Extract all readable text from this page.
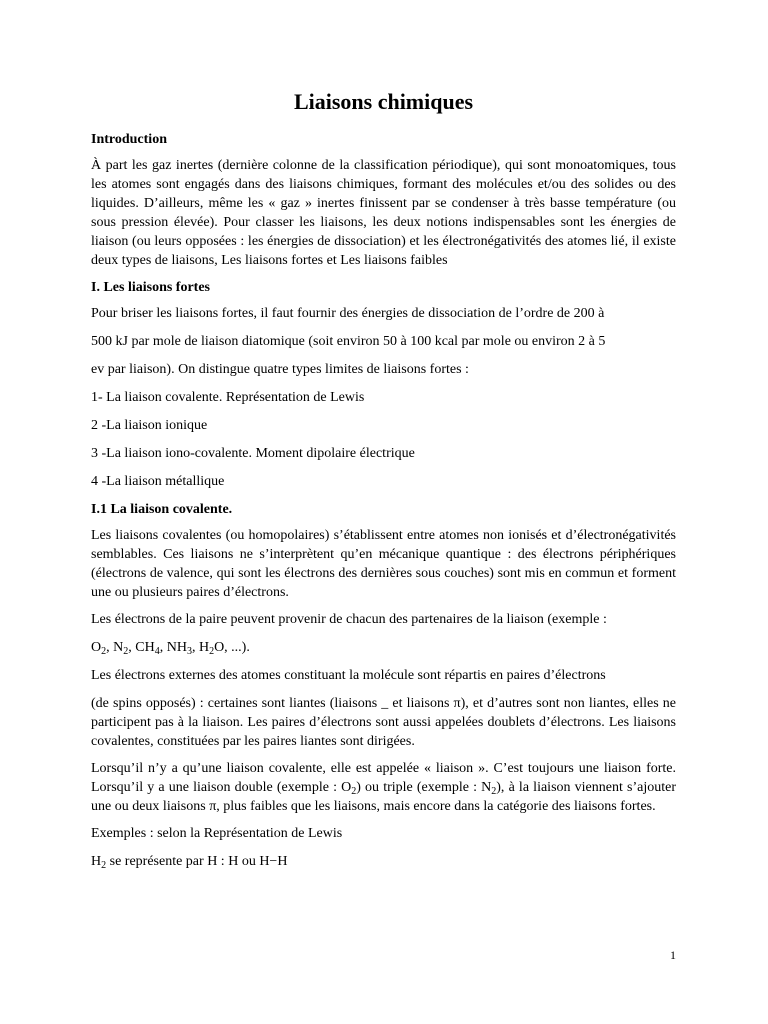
Liaisons chimiques
Introduction

À part les gaz inertes (dernière colonne de la classification périodique), qui sont monoatomiques, tous les atomes sont engagés dans des liaisons chimiques, formant des molécules et/ou des solides ou des liquides. D’ailleurs, même les « gaz » inertes finissent par se condenser à très basse température (ou sous pression élevée). Pour classer les liaisons, les deux notions indispensables sont les énergies de liaison (ou leurs opposées : les énergies de dissociation) et les électronégativités des atomes lié, il existe deux types de liaisons, Les liaisons fortes et Les liaisons faibles

I. Les liaisons fortes

Pour briser les liaisons fortes, il faut fournir des énergies de dissociation de l’ordre de 200 à

500 kJ par mole de liaison diatomique (soit environ 50 à 100 kcal par mole ou environ 2 à 5

ev par liaison). On distingue quatre types limites de liaisons fortes :

1- La liaison covalente. Représentation de Lewis

2 -La liaison ionique

3 -La liaison iono-covalente. Moment dipolaire électrique

4 -La liaison métallique

I.1 La liaison covalente.

Les liaisons covalentes (ou homopolaires) s’établissent entre atomes non ionisés et d’électronégativités semblables. Ces liaisons ne s’interprètent qu’en mécanique quantique : des électrons périphériques (électrons de valence, qui sont les électrons des dernières sous couches) sont mis en commun et forment une ou plusieurs paires d’électrons.

Les électrons de la paire peuvent provenir de chacun des partenaires de la liaison (exemple :

$O_2$, $N_2$, $CH_4$, $NH_3$, $H_2O$, ...).

Les électrons externes des atomes constituant la molécule sont répartis en paires d’électrons

(de spins opposés) : certaines sont liantes (liaisons _ et liaisons π), et d’autres sont non liantes, elles ne participent pas à la liaison. Les paires d’électrons sont aussi appelées doublets d’électrons. Les liaisons covalentes, constituées par les paires liantes sont dirigées.

Lorsqu’il n’y a qu’une liaison covalente, elle est appelée « liaison ». C’est toujours une liaison forte. Lorsqu’il y a une liaison double (exemple : $O_2$) ou triple (exemple : $N_2$), à la liaison viennent s’ajouter une ou deux liaisons π, plus faibles que les liaisons, mais encore dans la catégorie des liaisons fortes.

Exemples : selon la Représentation de Lewis

$H_2$ se représente par H : H ou H−H

1
